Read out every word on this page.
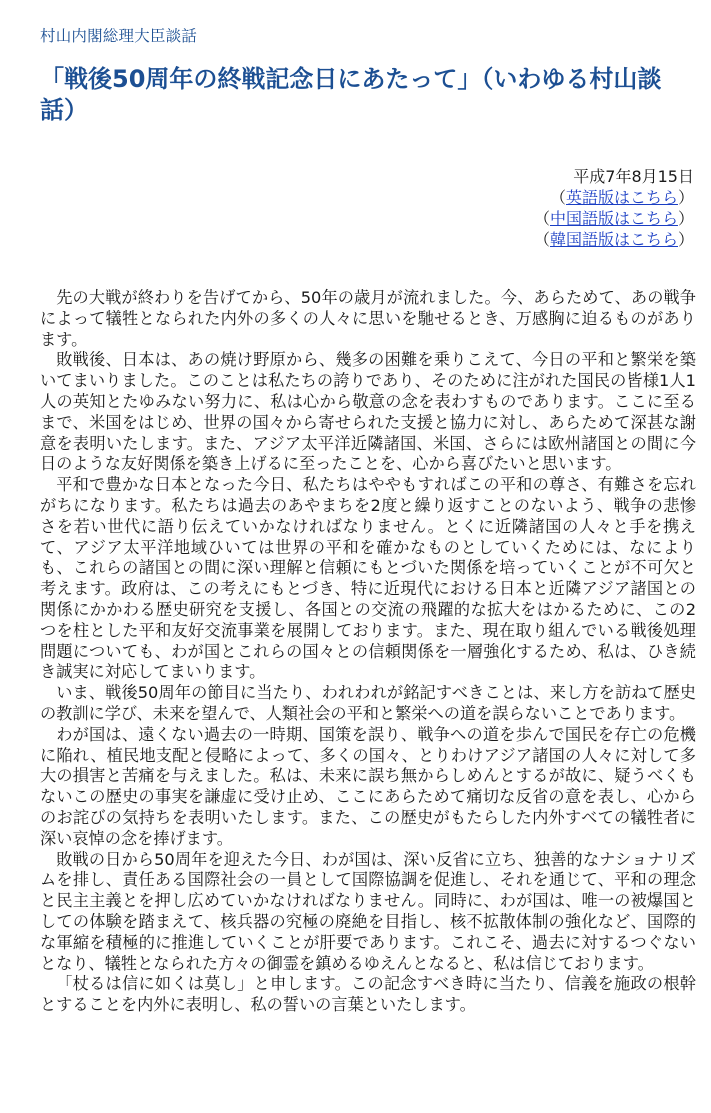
村山内閣総理大臣談話
「戦後50周年の終戦記念日にあたって」（いわゆる村山談話）
平成7年8月15日
（英語版はこちら）
（中国語版はこちら）
（韓国語版はこちら）

先の大戦が終わりを告げてから、50年の歳月が流れました。今、あらためて、あの戦争によって犠牲となられた内外の多くの人々に思いを馳せるとき、万感胸に迫るものがあります。

敗戦後、日本は、あの焼け野原から、幾多の困難を乗りこえて、今日の平和と繁栄を築いてまいりました。このことは私たちの誇りであり、そのために注がれた国民の皆様1人1人の英知とたゆみない努力に、私は心から敬意の念を表わすものであります。ここに至るまで、米国をはじめ、世界の国々から寄せられた支援と協力に対し、あらためて深甚な謝意を表明いたします。また、アジア太平洋近隣諸国、米国、さらには欧州諸国との間に今日のような友好関係を築き上げるに至ったことを、心から喜びたいと思います。

平和で豊かな日本となった今日、私たちはややもすればこの平和の尊さ、有難さを忘れがちになります。私たちは過去のあやまちを2度と繰り返すことのないよう、戦争の悲惨さを若い世代に語り伝えていかなければなりません。とくに近隣諸国の人々と手を携えて、アジア太平洋地域ひいては世界の平和を確かなものとしていくためには、なによりも、これらの諸国との間に深い理解と信頼にもとづいた関係を培っていくことが不可欠と考えます。政府は、この考えにもとづき、特に近現代における日本と近隣アジア諸国との関係にかかわる歴史研究を支援し、各国との交流の飛躍的な拡大をはかるために、この2つを柱とした平和友好交流事業を展開しております。また、現在取り組んでいる戦後処理問題についても、わが国とこれらの国々との信頼関係を一層強化するため、私は、ひき続き誠実に対応してまいります。

いま、戦後50周年の節目に当たり、われわれが銘記すべきことは、来し方を訪ねて歴史の教訓に学び、未来を望んで、人類社会の平和と繁栄への道を誤らないことであります。

わが国は、遠くない過去の一時期、国策を誤り、戦争への道を歩んで国民を存亡の危機に陥れ、植民地支配と侵略によって、多くの国々、とりわけアジア諸国の人々に対して多大の損害と苦痛を与えました。私は、未来に誤ち無からしめんとするが故に、疑うべくもないこの歴史の事実を謙虚に受け止め、ここにあらためて痛切な反省の意を表し、心からのお詫びの気持ちを表明いたします。また、この歴史がもたらした内外すべての犠牲者に深い哀悼の念を捧げます。

敗戦の日から50周年を迎えた今日、わが国は、深い反省に立ち、独善的なナショナリズムを排し、責任ある国際社会の一員として国際協調を促進し、それを通じて、平和の理念と民主主義とを押し広めていかなければなりません。同時に、わが国は、唯一の被爆国としての体験を踏まえて、核兵器の究極の廃絶を目指し、核不拡散体制の強化など、国際的な軍縮を積極的に推進していくことが肝要であります。これこそ、過去に対するつぐないとなり、犠牲となられた方々の御霊を鎮めるゆえんとなると、私は信じております。

「杖るは信に如くは莫し」と申します。この記念すべき時に当たり、信義を施政の根幹とすることを内外に表明し、私の誓いの言葉といたします。
